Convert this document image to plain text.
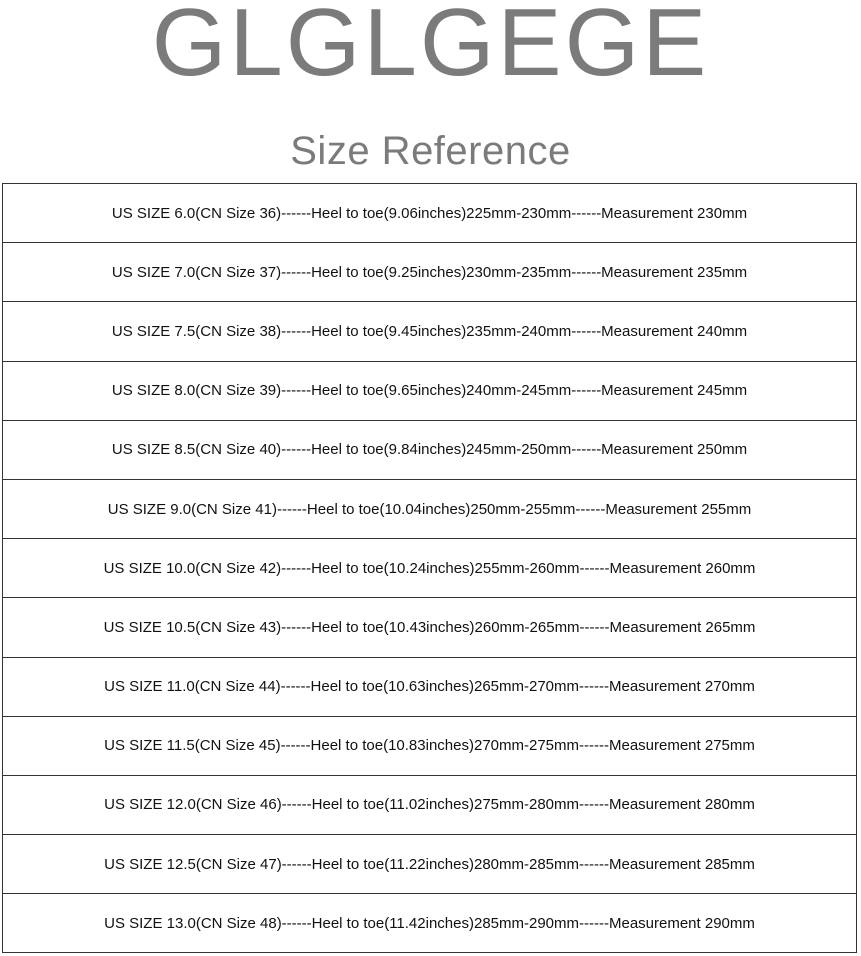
GLGLGEGE
Size Reference
US SIZE 6.0(CN Size 36)------Heel to toe(9.06inches)225mm-230mm------Measurement 230mm
US SIZE 7.0(CN Size 37)------Heel to toe(9.25inches)230mm-235mm------Measurement 235mm
US SIZE 7.5(CN Size 38)------Heel to toe(9.45inches)235mm-240mm------Measurement 240mm
US SIZE 8.0(CN Size 39)------Heel to toe(9.65inches)240mm-245mm------Measurement 245mm
US SIZE 8.5(CN Size 40)------Heel to toe(9.84inches)245mm-250mm------Measurement 250mm
US SIZE 9.0(CN Size 41)------Heel to toe(10.04inches)250mm-255mm------Measurement 255mm
US SIZE 10.0(CN Size 42)------Heel to toe(10.24inches)255mm-260mm------Measurement 260mm
US SIZE 10.5(CN Size 43)------Heel to toe(10.43inches)260mm-265mm------Measurement 265mm
US SIZE 11.0(CN Size 44)------Heel to toe(10.63inches)265mm-270mm------Measurement 270mm
US SIZE 11.5(CN Size 45)------Heel to toe(10.83inches)270mm-275mm------Measurement 275mm
US SIZE 12.0(CN Size 46)------Heel to toe(11.02inches)275mm-280mm------Measurement 280mm
US SIZE 12.5(CN Size 47)------Heel to toe(11.22inches)280mm-285mm------Measurement 285mm
US SIZE 13.0(CN Size 48)------Heel to toe(11.42inches)285mm-290mm------Measurement 290mm
